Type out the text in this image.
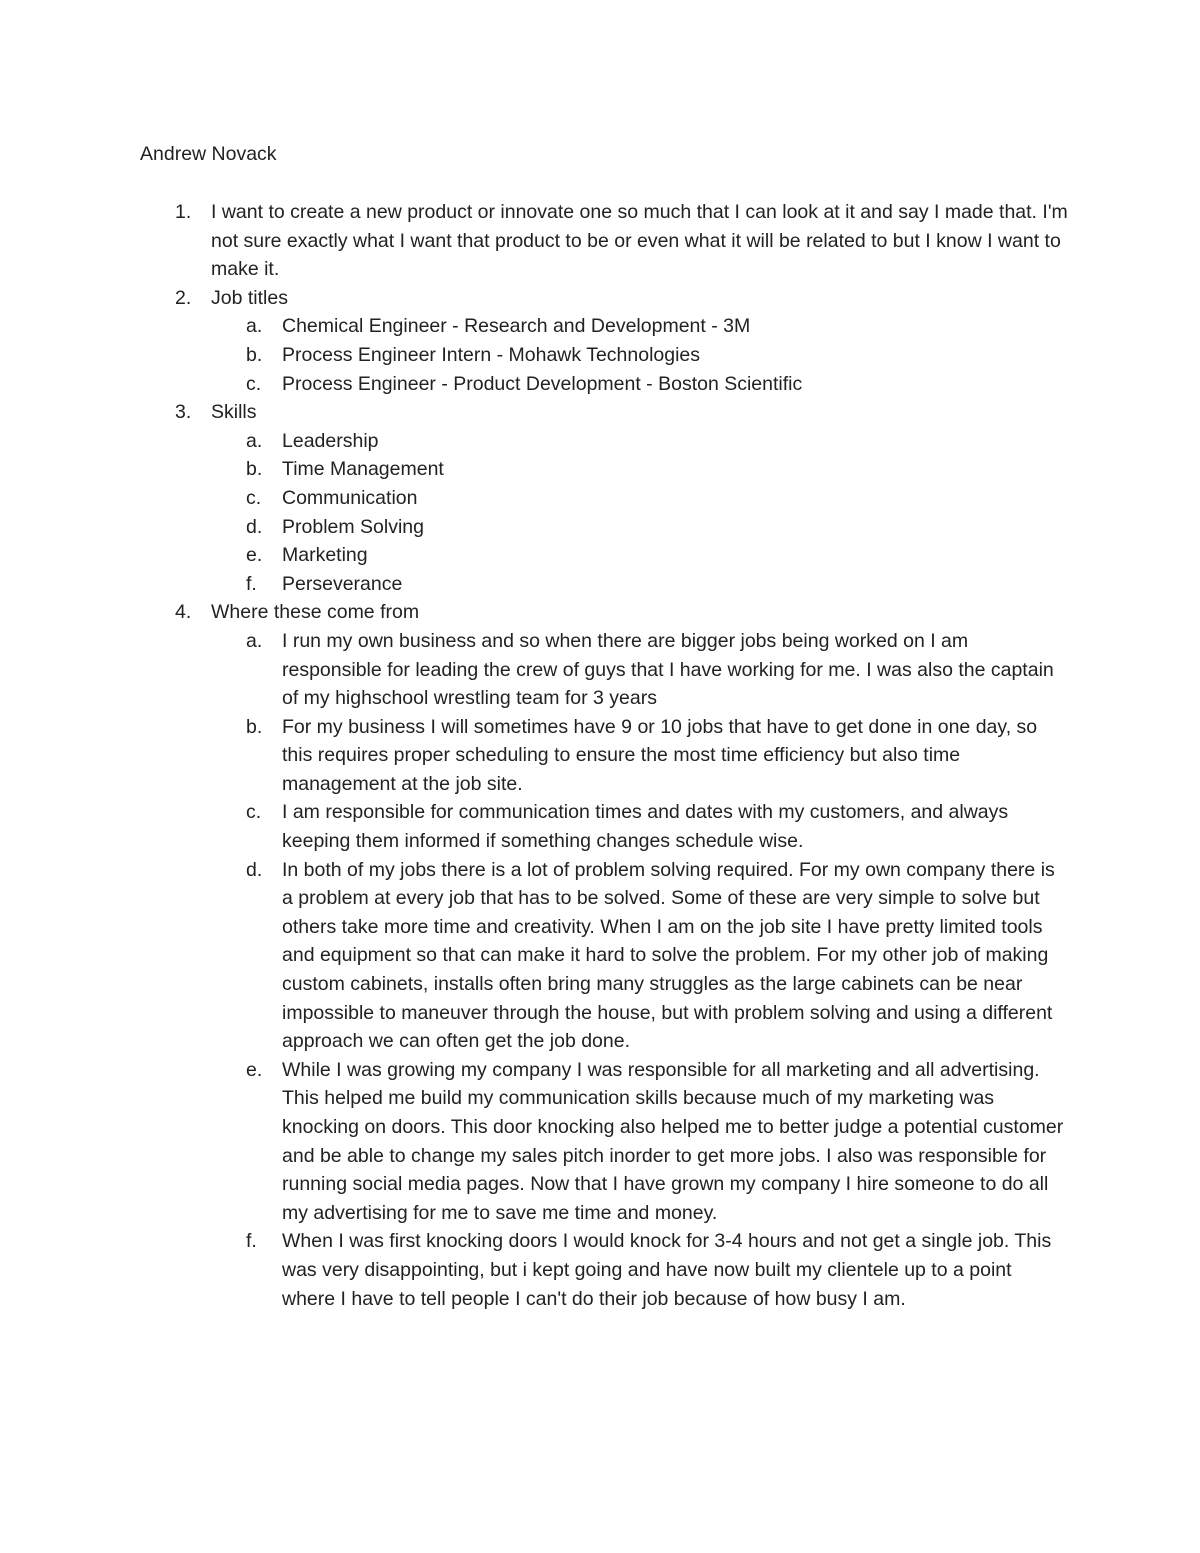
Andrew Novack
1. I want to create a new product or innovate one so much that I can look at it and say I made that. I'm not sure exactly what I want that product to be or even what it will be related to but I know I want to make it.
2. Job titles
a. Chemical Engineer - Research and Development - 3M
b. Process Engineer Intern - Mohawk Technologies
c. Process Engineer - Product Development - Boston Scientific
3. Skills
a. Leadership
b. Time Management
c. Communication
d. Problem Solving
e. Marketing
f. Perseverance
4. Where these come from
a. I run my own business and so when there are bigger jobs being worked on I am responsible for leading the crew of guys that I have working for me. I was also the captain of my highschool wrestling team for 3 years
b. For my business I will sometimes have 9 or 10 jobs that have to get done in one day, so this requires proper scheduling to ensure the most time efficiency but also time management at the job site.
c. I am responsible for communication times and dates with my customers, and always keeping them informed if something changes schedule wise.
d. In both of my jobs there is a lot of problem solving required. For my own company there is a problem at every job that has to be solved. Some of these are very simple to solve but others take more time and creativity. When I am on the job site I have pretty limited tools and equipment so that can make it hard to solve the problem. For my other job of making custom cabinets, installs often bring many struggles as the large cabinets can be near impossible to maneuver through the house, but with problem solving and using a different approach we can often get the job done.
e. While I was growing my company I was responsible for all marketing and all advertising. This helped me build my communication skills because much of my marketing was knocking on doors. This door knocking also helped me to better judge a potential customer and be able to change my sales pitch inorder to get more jobs. I also was responsible for running social media pages. Now that I have grown my company I hire someone to do all my advertising for me to save me time and money.
f. When I was first knocking doors I would knock for 3-4 hours and not get a single job. This was very disappointing, but i kept going and have now built my clientele up to a point where I have to tell people I can't do their job because of how busy I am.
